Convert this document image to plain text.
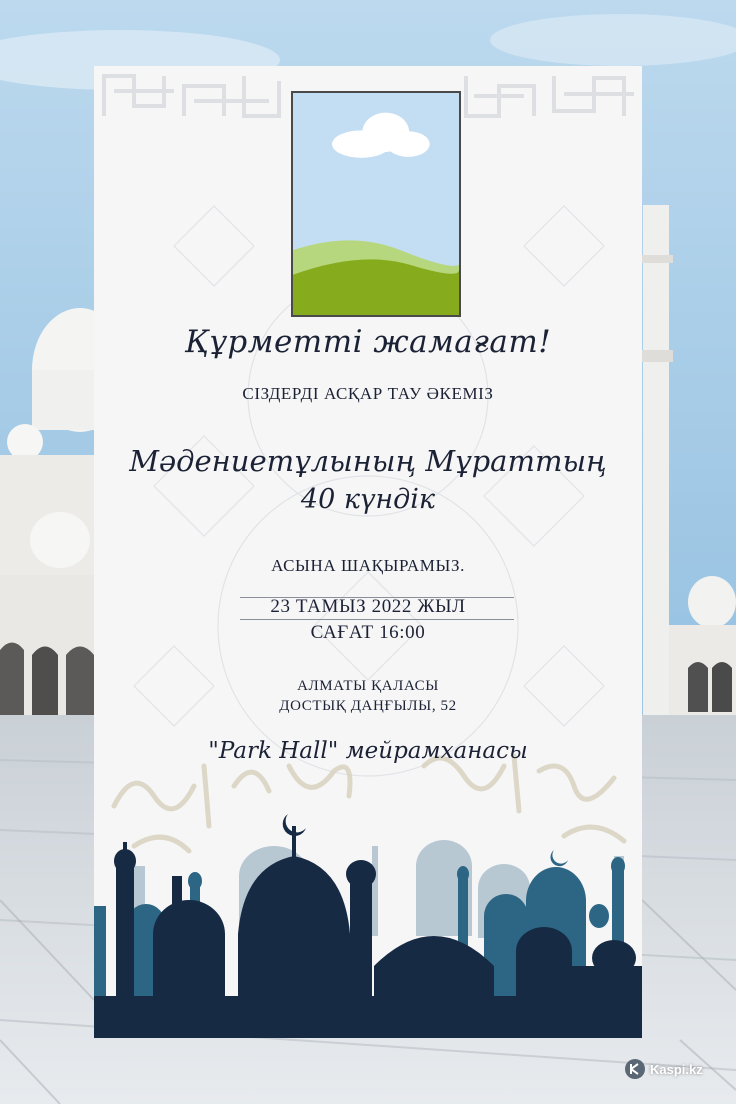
Құрметті жамағат!
СІЗДЕРДІ АСҚАР ТАУ ӘКЕМІЗ
Мәдениетұлының Мұраттың
40 күндік
АСЫНА ШАҚЫРАМЫЗ.
23 ТАМЫЗ 2022 ЖЫЛ
САҒАТ 16:00
АЛМАТЫ ҚАЛАСЫ
ДОСТЫҚ ДАҢҒЫЛЫ, 52
"Park Hall" мейрамханасы
Kaspi.kz
